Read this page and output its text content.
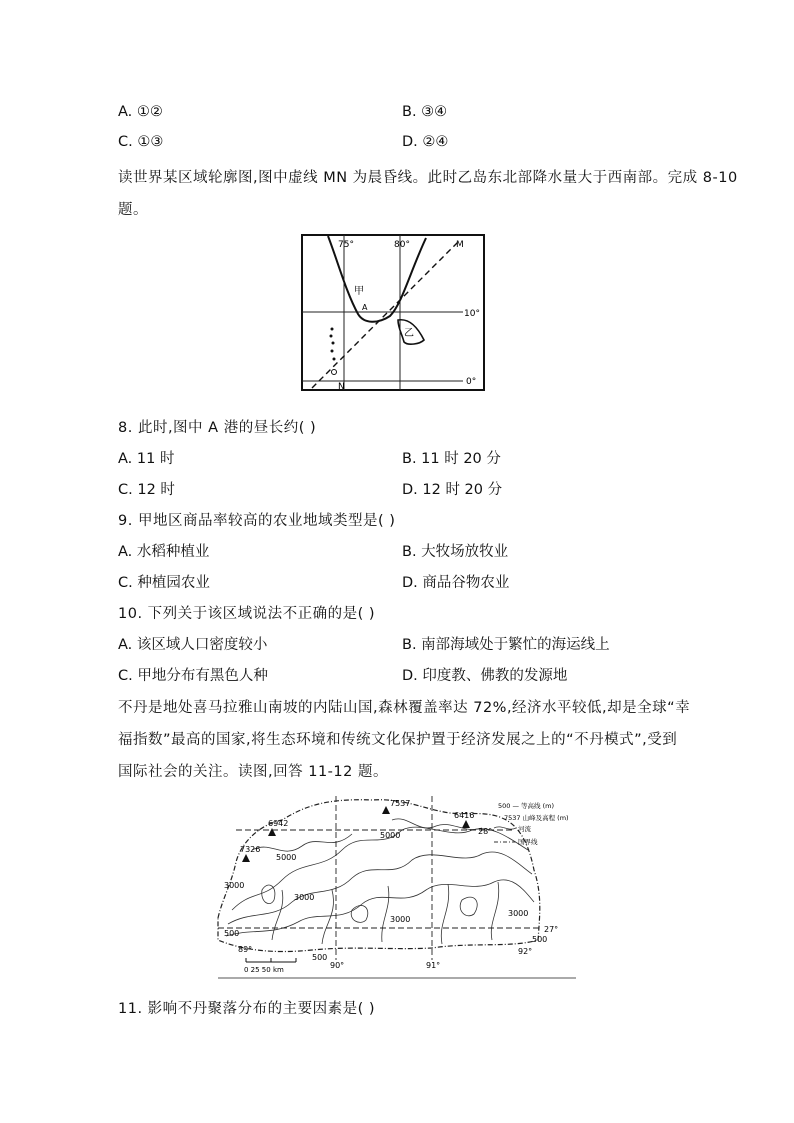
A. ①②	B. ③④
C. ①③	D. ②④
读世界某区域轮廓图,图中虚线 MN 为晨昏线。此时乙岛东北部降水量大于西南部。完成 8-10
题。
75°	80°	M
10°
0°
N
甲
乙
A
8. 此时,图中 A 港的昼长约( )
A. 11 时	B. 11 时 20 分
C. 12 时	D. 12 时 20 分
9. 甲地区商品率较高的农业地域类型是( )
A. 水稻种植业	B. 大牧场放牧业
C. 种植园农业	D. 商品谷物农业
10. 下列关于该区域说法不正确的是( )
A. 该区域人口密度较小	B. 南部海域处于繁忙的海运线上
C. 甲地分布有黑色人种	D. 印度教、佛教的发源地
不丹是地处喜马拉雅山南坡的内陆山国,森林覆盖率达 72%,经济水平较低,却是全球“幸
福指数”最高的国家,将生态环境和传统文化保护置于经济发展之上的“不丹模式”,受到
国际社会的关注。读图,回答 11-12 题。
7537
6416
6942
7326
5000
5000
3000
3000
3000
3000
500
500
500
89°
90°	91°
92°
28°
27°
0 25 50 km
500 — 等高线 (m)
7537 山峰及高程 (m)
河流
国界线
11. 影响不丹聚落分布的主要因素是( )
